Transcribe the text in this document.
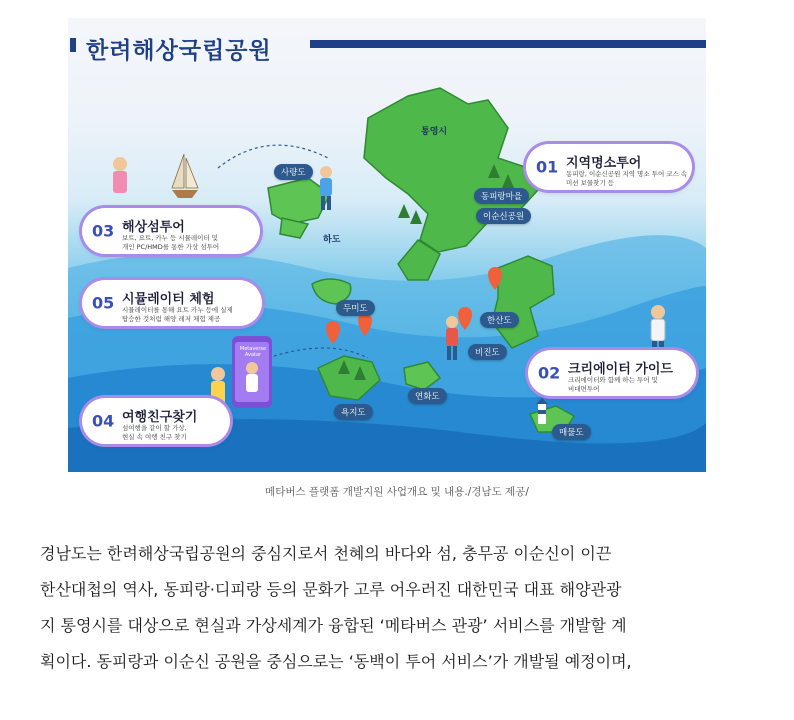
한려해상국립공원
01 지역명소투어
동피랑, 이순신공원 지역 명소 투어 코스 속
미션 보물찾기 등
02 크리에이터 가이드
크리에이터와 함께 하는 투어 및
비대면투어
03 해상섬투어
보트, 요트, 카누 등 시뮬레이터 및
개인 PC/HMD를 통한 가상 섬투어
04 여행친구찾기
섬여행을 같이 할 가상,
현실 속 여행 친구 찾기
05 시뮬레이터 체험
시뮬레이터를 통해 요트 카누 등에 실제
탑승한 것처럼 해양 레저 체험 제공
통영시
동피랑마을
이순신공원
사량도
하도
두미도
한산도
비진도
연화도
욕지도
매물도
Metaverse Avatar
메타버스 플랫폼 개발지원 사업개요 및 내용./경남도 제공/
경남도는 한려해상국립공원의 중심지로서 천혜의 바다와 섬, 충무공 이순신이 이끈
한산대첩의 역사, 동피랑·디피랑 등의 문화가 고루 어우러진 대한민국 대표 해양관광
지 통영시를 대상으로 현실과 가상세계가 융합된 ‘메타버스 관광’ 서비스를 개발할 계
획이다. 동피랑과 이순신 공원을 중심으로는 ‘동백이 투어 서비스’가 개발될 예정이며,
